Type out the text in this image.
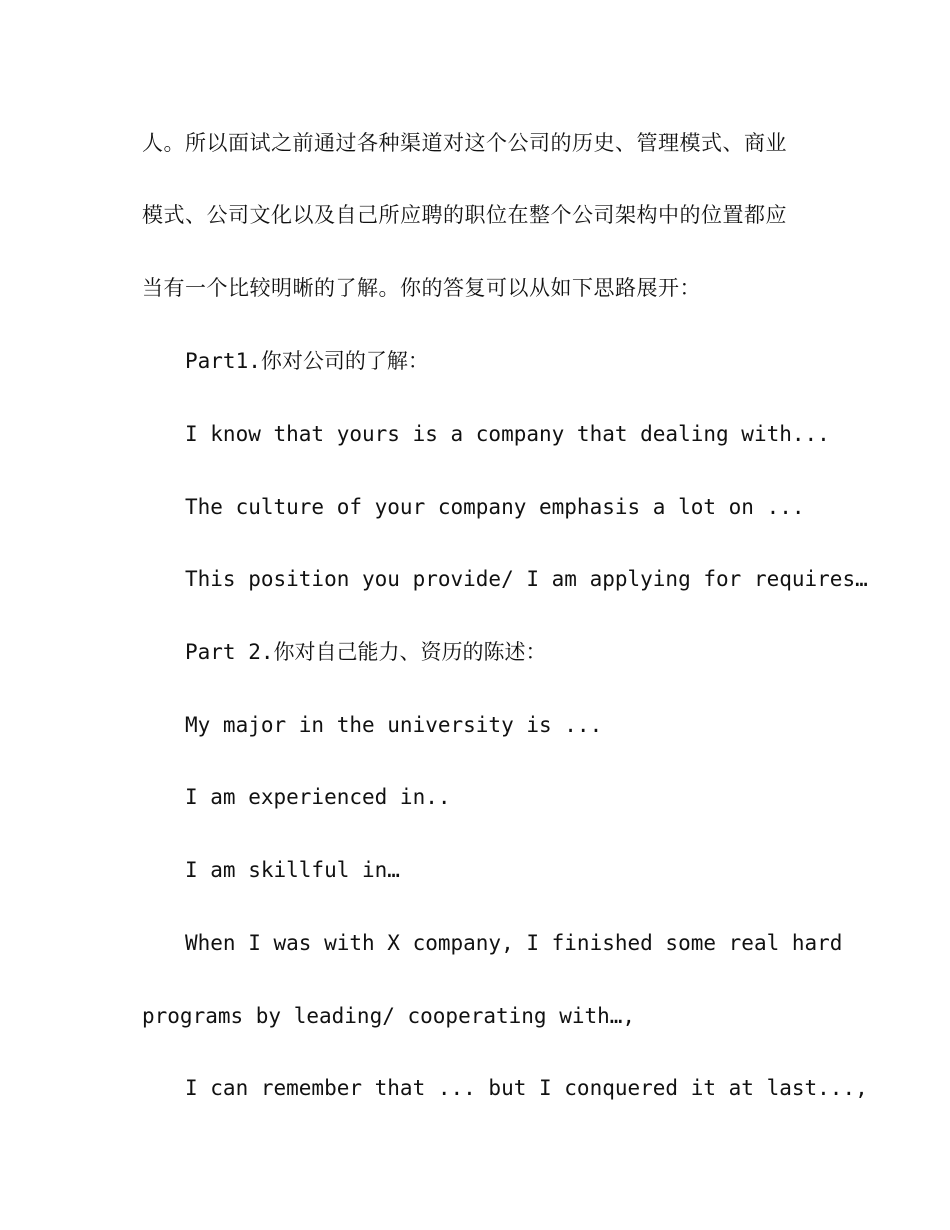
人。所以面试之前通过各种渠道对这个公司的历史、管理模式、商业
模式、公司文化以及自己所应聘的职位在整个公司架构中的位置都应
当有一个比较明晰的了解。你的答复可以从如下思路展开：
Part1.你对公司的了解：
I know that yours is a company that dealing with...
The culture of your company emphasis a lot on ...
This position you provide/ I am applying for requires…
Part 2.你对自己能力、资历的陈述：
My major in the university is ...
I am experienced in..
I am skillful in…
When I was with X company, I finished some real hard
programs by leading/ cooperating with…,
I can remember that ... but I conquered it at last...,
